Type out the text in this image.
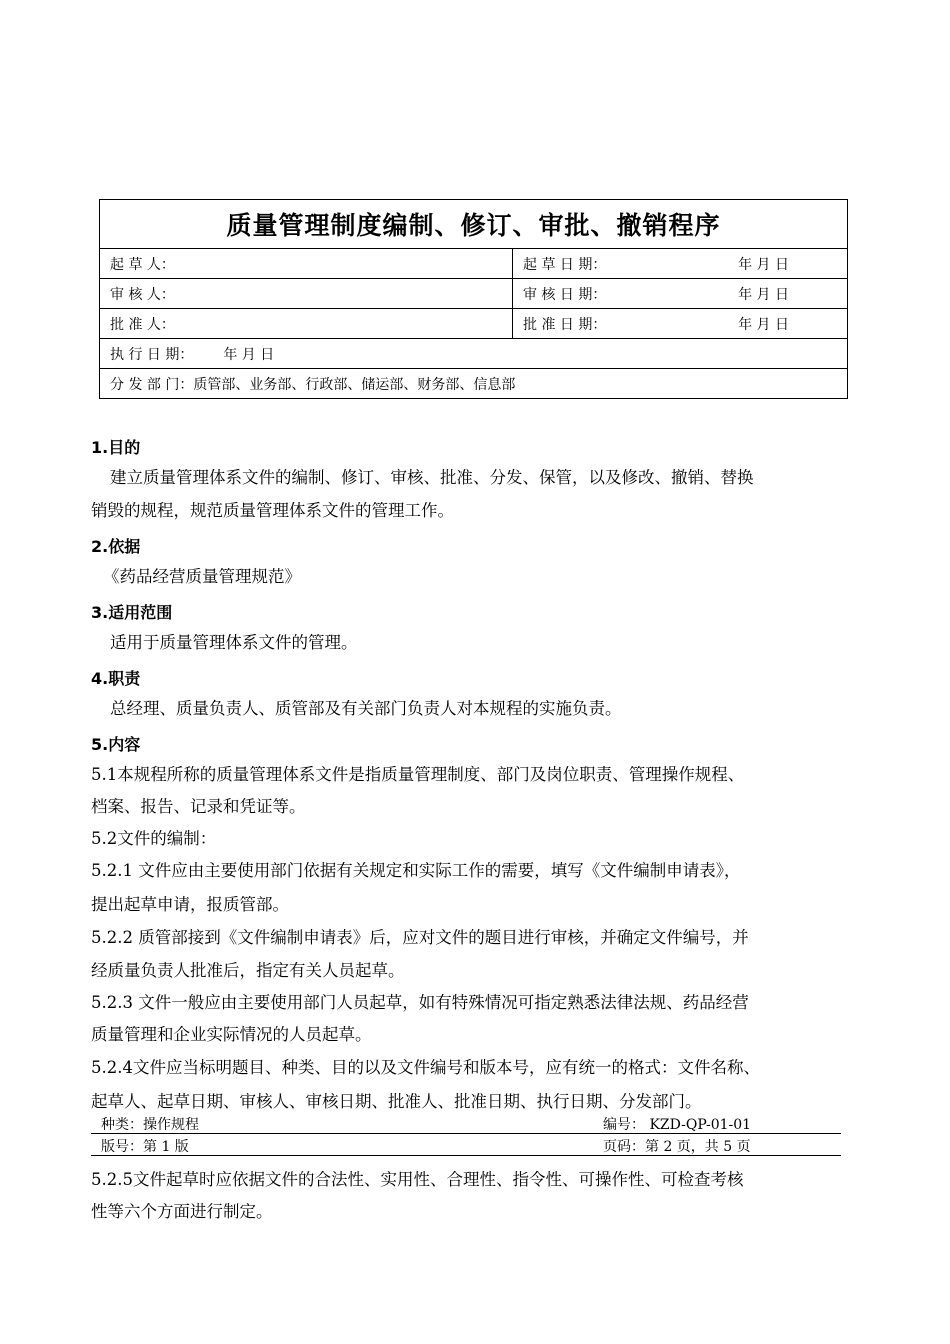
质量管理制度编制、修订、审批、撤销程序	
起 草 人：	起 草 日 期： 年 月 日

审 核 人：	审 核 日 期： 年 月 日

批 准 人：	批 准 日 期： 年 月 日

执 行 日 期： 年 月 日	
分 发 部 门：质管部、业务部、行政部、储运部、财务部、信息部	
1.目的
建立质量管理体系文件的编制、修订、审核、批准、分发、保管，以及修改、撤销、替换
销毁的规程，规范质量管理体系文件的管理工作。
2.依据
《药品经营质量管理规范》
3.适用范围
适用于质量管理体系文件的管理。
4.职责
总经理、质量负责人、质管部及有关部门负责人对本规程的实施负责。
5.内容
5.1本规程所称的质量管理体系文件是指质量管理制度、部门及岗位职责、管理操作规程、
档案、报告、记录和凭证等。
5.2文件的编制：
5.2.1 文件应由主要使用部门依据有关规定和实际工作的需要，填写《文件编制申请表》，
提出起草申请，报质管部。
5.2.2 质管部接到《文件编制申请表》后，应对文件的题目进行审核，并确定文件编号，并
经质量负责人批准后，指定有关人员起草。
5.2.3 文件一般应由主要使用部门人员起草，如有特殊情况可指定熟悉法律法规、药品经营
质量管理和企业实际情况的人员起草。
5.2.4文件应当标明题目、种类、目的以及文件编号和版本号，应有统一的格式：文件名称、
起草人、起草日期、审核人、审核日期、批准人、批准日期、执行日期、分发部门。
种类：操作规程	编号： KZD-QP-01-01
版号：第 1 版	页码：第 2 页，共 5 页
5.2.5文件起草时应依据文件的合法性、实用性、合理性、指令性、可操作性、可检查考核
性等六个方面进行制定。
